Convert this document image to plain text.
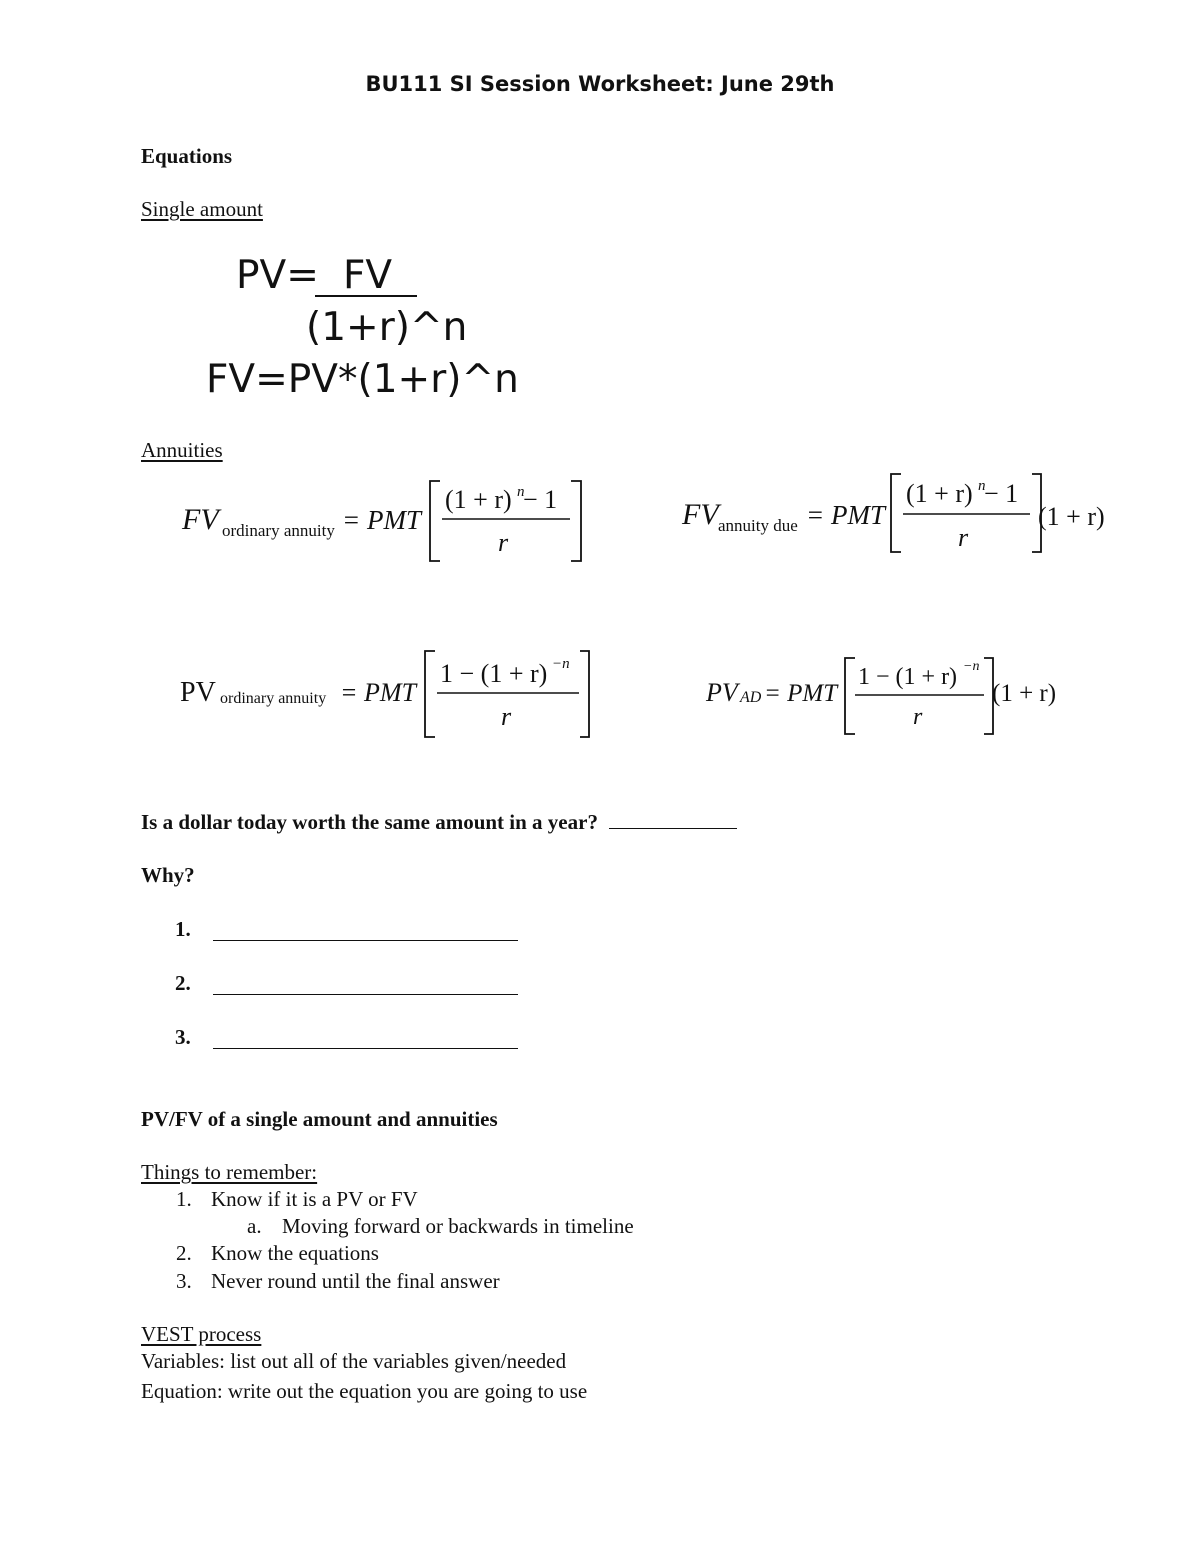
BU111 SI Session Worksheet: June 29th
Equations
Single amount
PV= FV
(1+r)^n
FV=PV*(1+r)^n
Annuities
FV ordinary annuity = PMT
(1 + r) n
− 1
r
FV annuity due = PMT
(1 + r) n
− 1
r
(1 + r)
PV ordinary annuity = PMT
1 − (1 + r) −n
r
PV AD = PMT
1 − (1 + r) −n
r
(1 + r)
Is a dollar today worth the same amount in a year?
Why?
1.
2.
3.
PV/FV of a single amount and annuities
Things to remember:
1. Know if it is a PV or FV
a. Moving forward or backwards in timeline
2. Know the equations
3. Never round until the final answer
VEST process
Variables: list out all of the variables given/needed
Equation: write out the equation you are going to use
